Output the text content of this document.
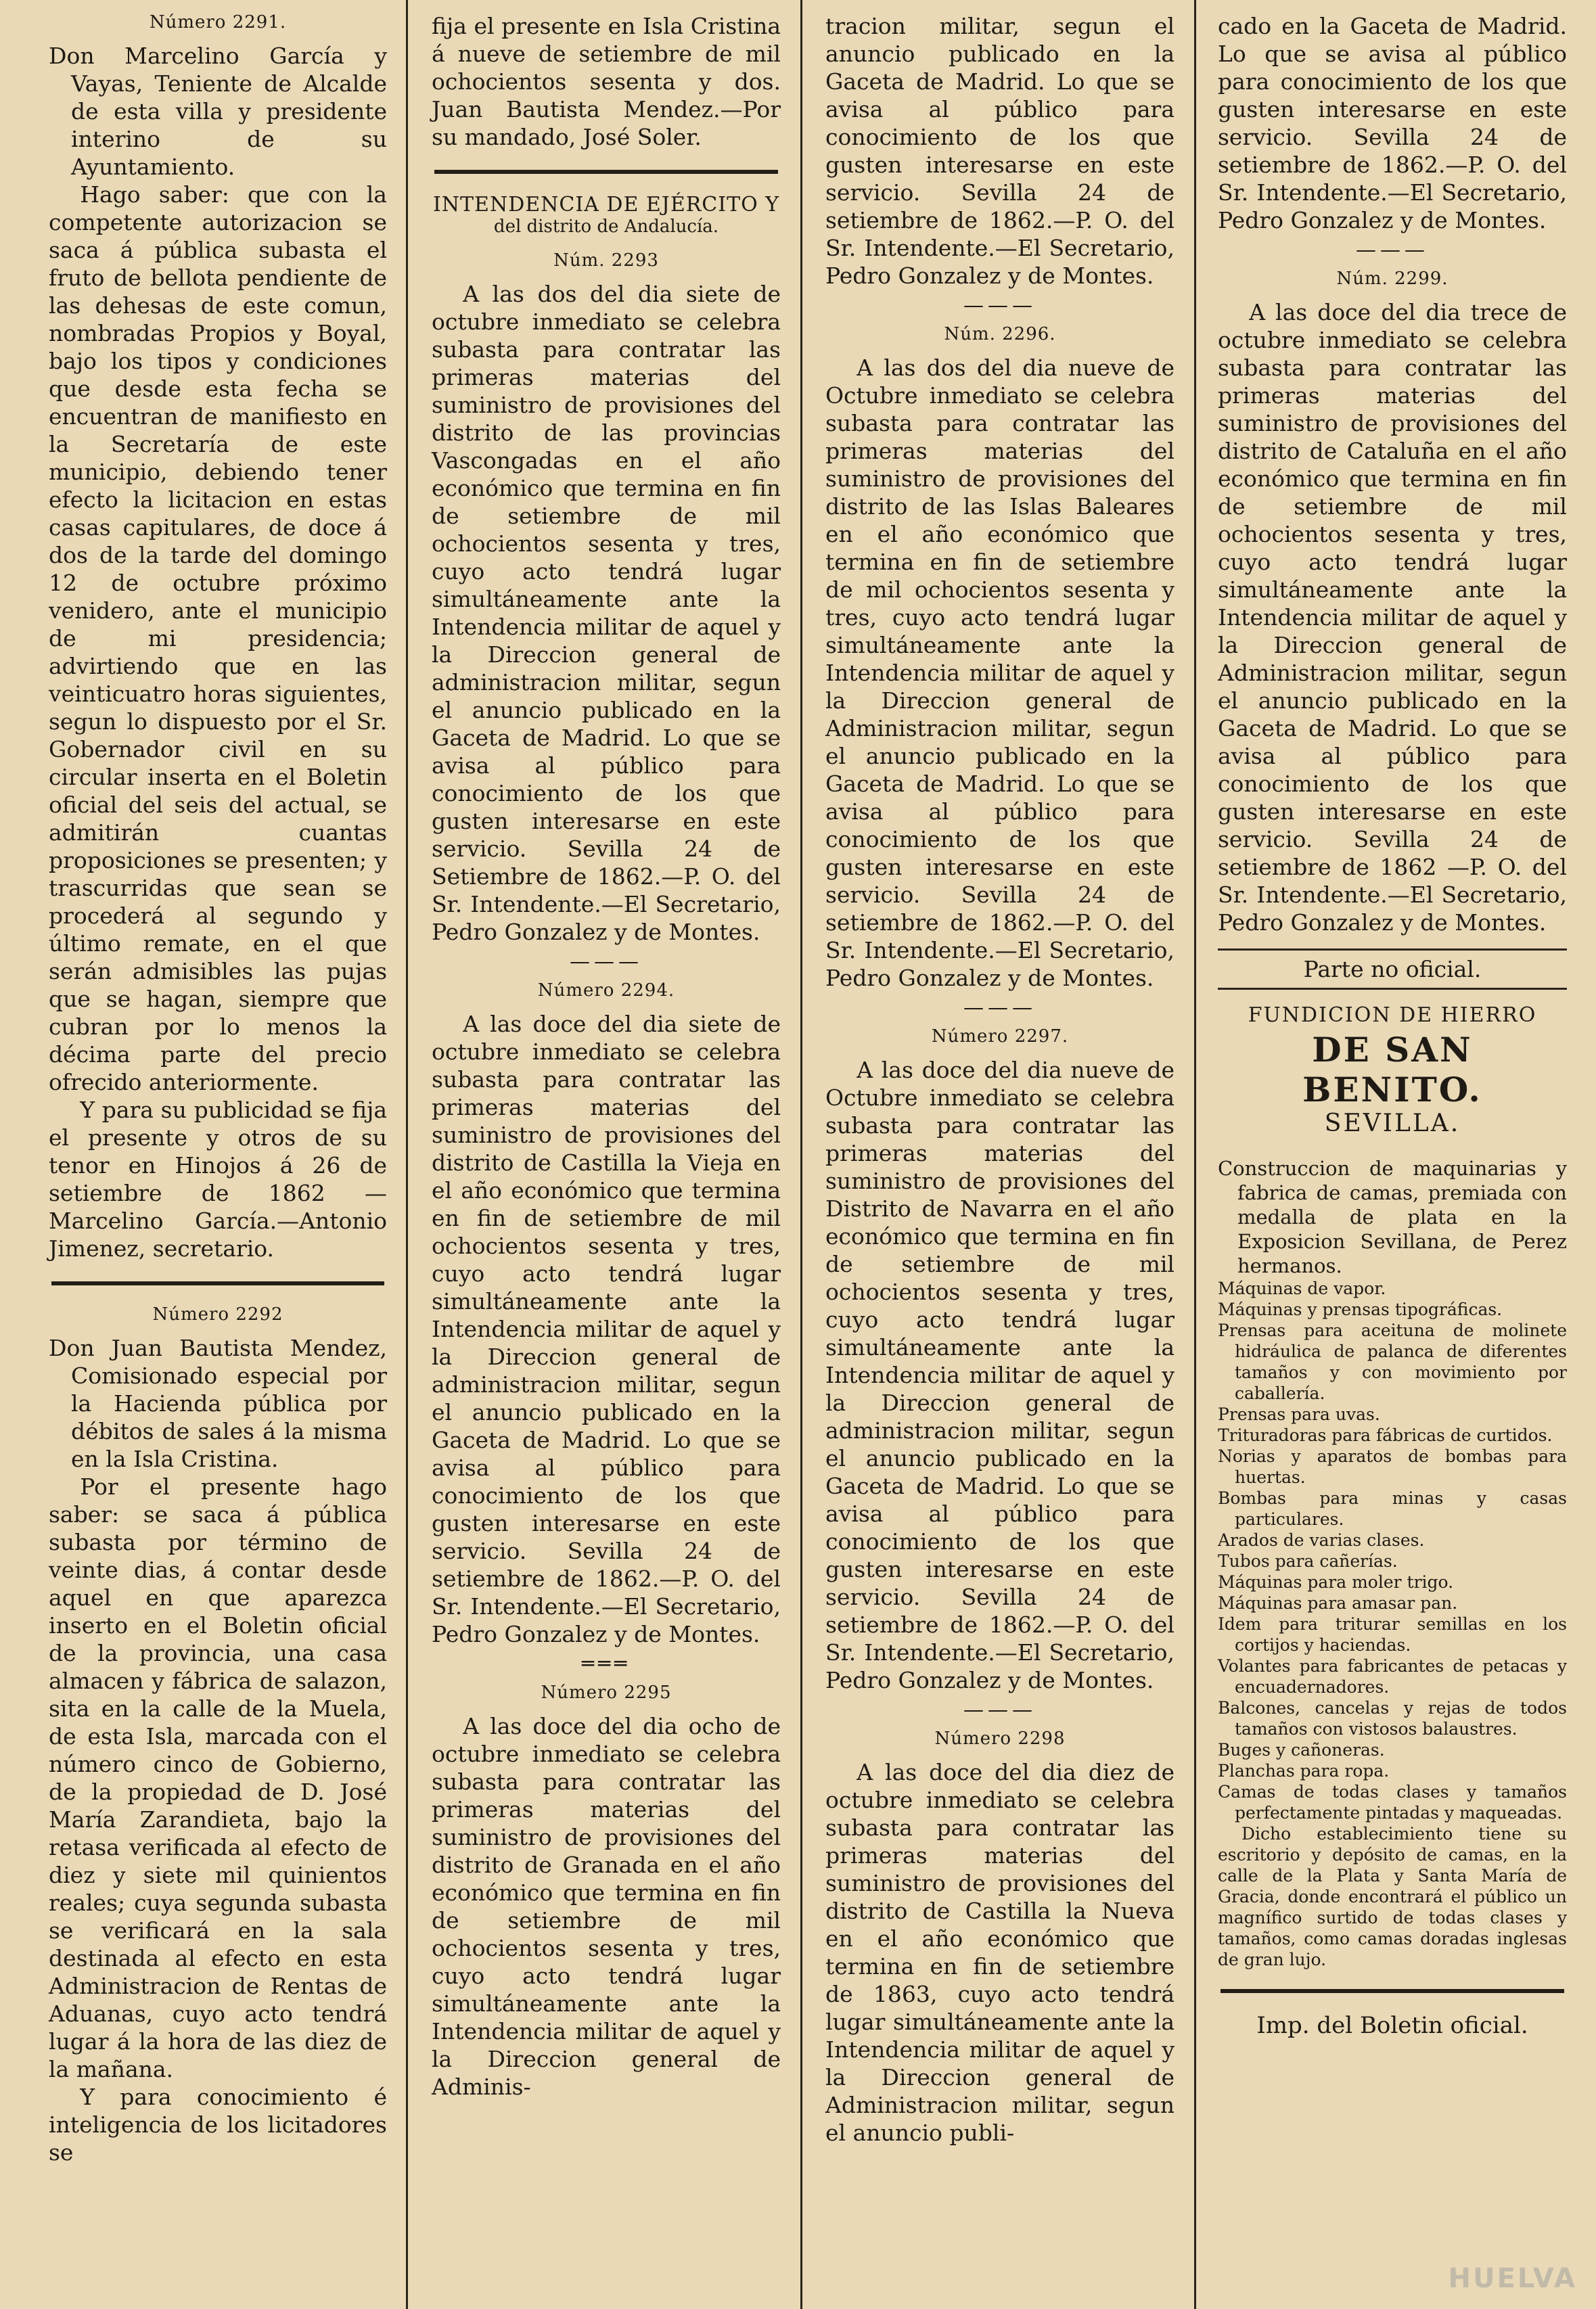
Número 2291.

Don Marcelino García y Vayas, Teniente de Alcalde de esta villa y presidente interino de su Ayuntamiento.

Hago saber: que con la competente autorizacion se saca á pública subasta el fruto de bellota pendiente de las dehesas de este comun, nombradas Propios y Boyal, bajo los tipos y condiciones que desde esta fecha se encuentran de manifiesto en la Secretaría de este municipio, debiendo tener efecto la licitacion en estas casas capitulares, de doce á dos de la tarde del domingo 12 de octubre próximo venidero, ante el municipio de mi presidencia; advirtiendo que en las veinticuatro horas siguientes, segun lo dispuesto por el Sr. Gobernador civil en su circular inserta en el Boletin oficial del seis del actual, se admitirán cuantas proposiciones se presenten; y trascurridas que sean se procederá al segundo y último remate, en el que serán admisibles las pujas que se hagan, siempre que cubran por lo menos la décima parte del precio ofrecido anteriormente.

Y para su publicidad se fija el presente y otros de su tenor en Hinojos á 26 de setiembre de 1862 —Marcelino García.—Antonio Jimenez, secretario.

Número 2292

Don Juan Bautista Mendez, Comisionado especial por la Hacienda pública por débitos de sales á la misma en la Isla Cristina.

Por el presente hago saber: se saca á pública subasta por término de veinte dias, á contar desde aquel en que aparezca inserto en el Boletin oficial de la provincia, una casa almacen y fábrica de salazon, sita en la calle de la Muela, de esta Isla, marcada con el número cinco de Gobierno, de la propiedad de D. José María Zarandieta, bajo la retasa verificada al efecto de diez y siete mil quinientos reales; cuya segunda subasta se verificará en la sala destinada al efecto en esta Administracion de Rentas de Aduanas, cuyo acto tendrá lugar á la hora de las diez de la mañana.

Y para conocimiento é inteligencia de los licitadores se

fija el presente en Isla Cristina á nueve de setiembre de mil ochocientos sesenta y dos. Juan Bautista Mendez.—Por su mandado, José Soler.

INTENDENCIA DE EJÉRCITO Y
del distrito de Andalucía.
Núm. 2293

A las dos del dia siete de octubre inmediato se celebra subasta para contratar las primeras materias del suministro de provisiones del distrito de las provincias Vascongadas en el año económico que termina en fin de setiembre de mil ochocientos sesenta y tres, cuyo acto tendrá lugar simultáneamente ante la Intendencia militar de aquel y la Direccion general de administracion militar, segun el anuncio publicado en la Gaceta de Madrid. Lo que se avisa al público para conocimiento de los que gusten interesarse en este servicio. Sevilla 24 de Setiembre de 1862.—P. O. del Sr. Intendente.—El Secretario, Pedro Gonzalez y de Montes.

———
Número 2294.

A las doce del dia siete de octubre inmediato se celebra subasta para contratar las primeras materias del suministro de provisiones del distrito de Castilla la Vieja en el año económico que termina en fin de setiembre de mil ochocientos sesenta y tres, cuyo acto tendrá lugar simultáneamente ante la Intendencia militar de aquel y la Direccion general de administracion militar, segun el anuncio publicado en la Gaceta de Madrid. Lo que se avisa al público para conocimiento de los que gusten interesarse en este servicio. Sevilla 24 de setiembre de 1862.—P. O. del Sr. Intendente.—El Secretario, Pedro Gonzalez y de Montes.

═══
Número 2295

A las doce del dia ocho de octubre inmediato se celebra subasta para contratar las primeras materias del suministro de provisiones del distrito de Granada en el año económico que termina en fin de setiembre de mil ochocientos sesenta y tres, cuyo acto tendrá lugar simultáneamente ante la Intendencia militar de aquel y la Direccion general de Adminis-

tracion militar, segun el anuncio publicado en la Gaceta de Madrid. Lo que se avisa al público para conocimiento de los que gusten interesarse en este servicio. Sevilla 24 de setiembre de 1862.—P. O. del Sr. Intendente.—El Secretario, Pedro Gonzalez y de Montes.

———
Núm. 2296.

A las dos del dia nueve de Octubre inmediato se celebra subasta para contratar las primeras materias del suministro de provisiones del distrito de las Islas Baleares en el año económico que termina en fin de setiembre de mil ochocientos sesenta y tres, cuyo acto tendrá lugar simultáneamente ante la Intendencia militar de aquel y la Direccion general de Administracion militar, segun el anuncio publicado en la Gaceta de Madrid. Lo que se avisa al público para conocimiento de los que gusten interesarse en este servicio. Sevilla 24 de setiembre de 1862.—P. O. del Sr. Intendente.—El Secretario, Pedro Gonzalez y de Montes.

———
Número 2297.

A las doce del dia nueve de Octubre inmediato se celebra subasta para contratar las primeras materias del suministro de provisiones del Distrito de Navarra en el año económico que termina en fin de setiembre de mil ochocientos sesenta y tres, cuyo acto tendrá lugar simultáneamente ante la Intendencia militar de aquel y la Direccion general de administracion militar, segun el anuncio publicado en la Gaceta de Madrid. Lo que se avisa al público para conocimiento de los que gusten interesarse en este servicio. Sevilla 24 de setiembre de 1862.—P. O. del Sr. Intendente.—El Secretario, Pedro Gonzalez y de Montes.

———
Número 2298

A las doce del dia diez de octubre inmediato se celebra subasta para contratar las primeras materias del suministro de provisiones del distrito de Castilla la Nueva en el año económico que termina en fin de setiembre de 1863, cuyo acto tendrá lugar simultáneamente ante la Intendencia militar de aquel y la Direccion general de Administracion militar, segun el anuncio publi-

cado en la Gaceta de Madrid. Lo que se avisa al público para conocimiento de los que gusten interesarse en este servicio. Sevilla 24 de setiembre de 1862.—P. O. del Sr. Intendente.—El Secretario, Pedro Gonzalez y de Montes.

———
Núm. 2299.

A las doce del dia trece de octubre inmediato se celebra subasta para contratar las primeras materias del suministro de provisiones del distrito de Cataluña en el año económico que termina en fin de setiembre de mil ochocientos sesenta y tres, cuyo acto tendrá lugar simultáneamente ante la Intendencia militar de aquel y la Direccion general de Administracion militar, segun el anuncio publicado en la Gaceta de Madrid. Lo que se avisa al público para conocimiento de los que gusten interesarse en este servicio. Sevilla 24 de setiembre de 1862 —P. O. del Sr. Intendente.—El Secretario, Pedro Gonzalez y de Montes.

Parte no oficial.
FUNDICION DE HIERRO
DE SAN BENITO.
SEVILLA.

Construccion de maquinarias y fabrica de camas, premiada con medalla de plata en la Exposicion Sevillana, de Perez hermanos.

Máquinas de vapor.

Máquinas y prensas tipográficas.

Prensas para aceituna de molinete hidráulica de palanca de diferentes tamaños y con movimiento por caballería.

Prensas para uvas.

Trituradoras para fábricas de curtidos.

Norias y aparatos de bombas para huertas.

Bombas para minas y casas particulares.

Arados de varias clases.

Tubos para cañerías.

Máquinas para moler trigo.

Máquinas para amasar pan.

Idem para triturar semillas en los cortijos y haciendas.

Volantes para fabricantes de petacas y encuadernadores.

Balcones, cancelas y rejas de todos tamaños con vistosos balaustres.

Buges y cañoneras.

Planchas para ropa.

Camas de todas clases y tamaños perfectamente pintadas y maqueadas.

Dicho establecimiento tiene su escritorio y depósito de camas, en la calle de la Plata y Santa María de Gracia, donde encontrará el público un magnífico surtido de todas clases y tamaños, como camas doradas inglesas de gran lujo.

Imp. del Boletin oficial.
HUELVA
